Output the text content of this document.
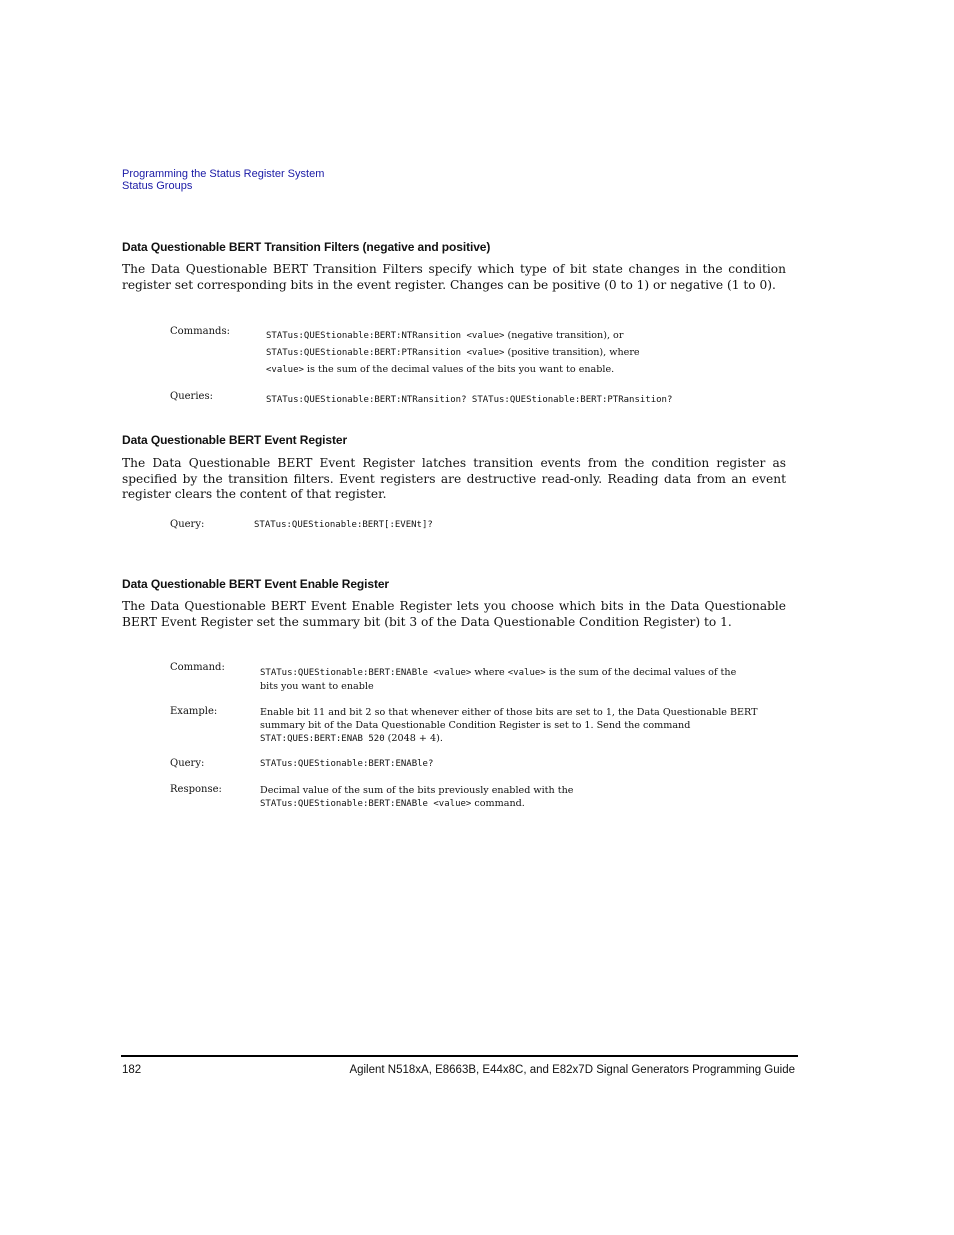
Programming the Status Register System
Status Groups
Data Questionable BERT Transition Filters (negative and positive)
The Data Questionable BERT Transition Filters specify which type of bit state changes in the condition register set corresponding bits in the event register. Changes can be positive (0 to 1) or negative (1 to 0).
Commands:	STATus:QUEStionable:BERT:NTRansition <value> (negative transition), or
STATus:QUEStionable:BERT:PTRansition <value> (positive transition), where
<value> is the sum of the decimal values of the bits you want to enable.
Queries:	STATus:QUEStionable:BERT:NTRansition? STATus:QUEStionable:BERT:PTRansition?
Data Questionable BERT Event Register
The Data Questionable BERT Event Register latches transition events from the condition register as specified by the transition filters. Event registers are destructive read-only. Reading data from an event register clears the content of that register.
Query:	STATus:QUEStionable:BERT[:EVENt]?
Data Questionable BERT Event Enable Register
The Data Questionable BERT Event Enable Register lets you choose which bits in the Data Questionable BERT Event Register set the summary bit (bit 3 of the Data Questionable Condition Register) to 1.
Command:	STATus:QUEStionable:BERT:ENABle <value> where <value> is the sum of the decimal values of the
bits you want to enable
Example:	Enable bit 11 and bit 2 so that whenever either of those bits are set to 1, the Data Questionable BERT
summary bit of the Data Questionable Condition Register is set to 1. Send the command
STAT:QUES:BERT:ENAB 520 (2048 + 4).
Query:	STATus:QUEStionable:BERT:ENABle?
Response:	Decimal value of the sum of the bits previously enabled with the
STATus:QUEStionable:BERT:ENABle <value> command.
182	Agilent N518xA, E8663B, E44x8C, and E82x7D Signal Generators Programming Guide
